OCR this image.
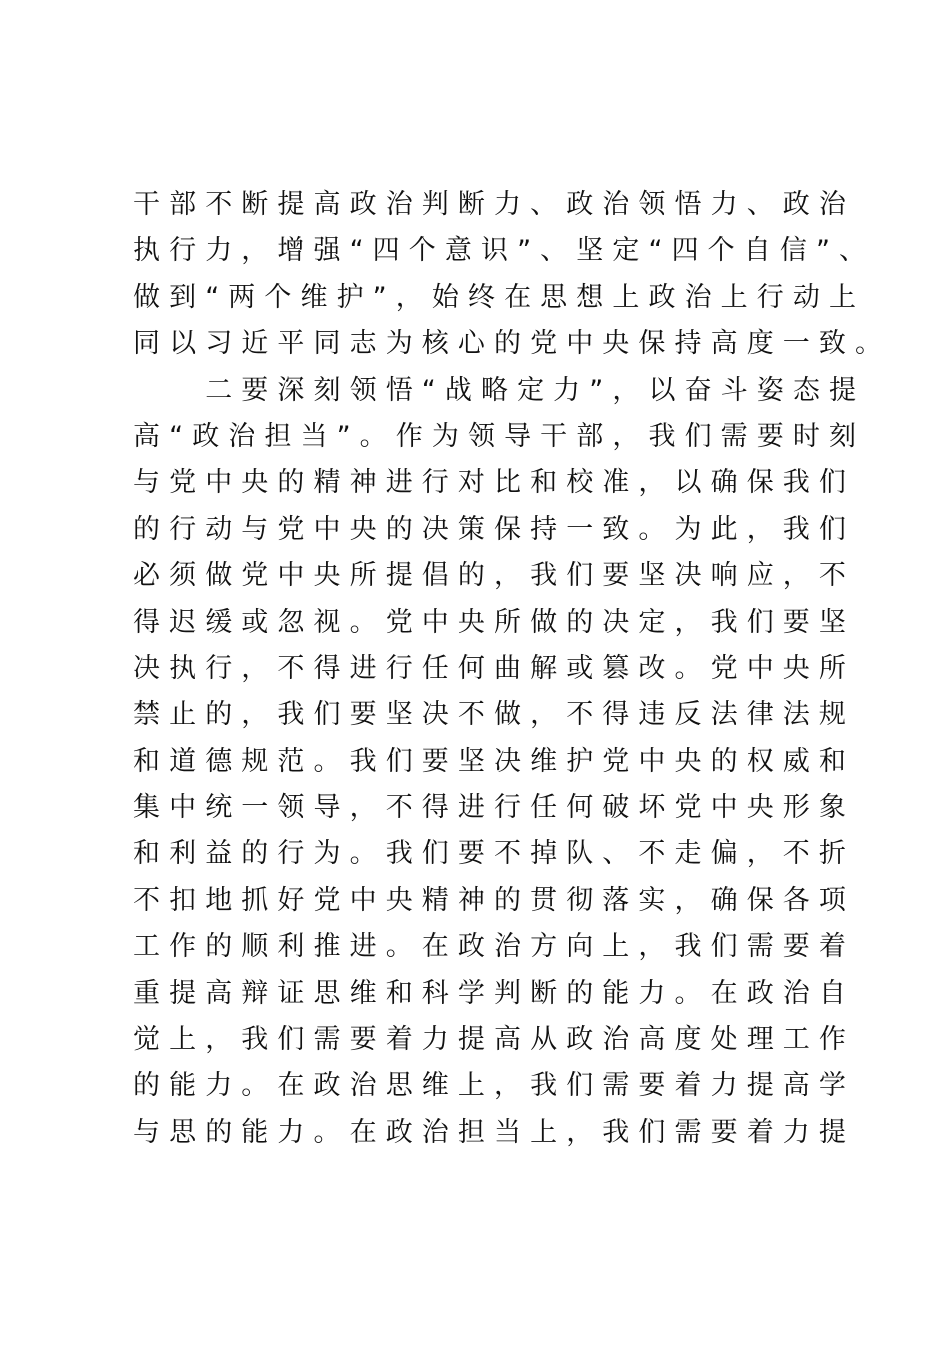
干部不断提高政治判断力、政治领悟力、政治
执行力，增强“四个意识”、坚定“四个自信”、
做到“两个维护”，始终在思想上政治上行动上
同以习近平同志为核心的党中央保持高度一致。
　　二要深刻领悟“战略定力”，以奋斗姿态提
高“政治担当”。作为领导干部，我们需要时刻
与党中央的精神进行对比和校准，以确保我们
的行动与党中央的决策保持一致。为此，我们
必须做党中央所提倡的，我们要坚决响应，不
得迟缓或忽视。党中央所做的决定，我们要坚
决执行，不得进行任何曲解或篡改。党中央所
禁止的，我们要坚决不做，不得违反法律法规
和道德规范。我们要坚决维护党中央的权威和
集中统一领导，不得进行任何破坏党中央形象
和利益的行为。我们要不掉队、不走偏，不折
不扣地抓好党中央精神的贯彻落实，确保各项
工作的顺利推进。在政治方向上，我们需要着
重提高辩证思维和科学判断的能力。在政治自
觉上，我们需要着力提高从政治高度处理工作
的能力。在政治思维上，我们需要着力提高学
与思的能力。在政治担当上，我们需要着力提
